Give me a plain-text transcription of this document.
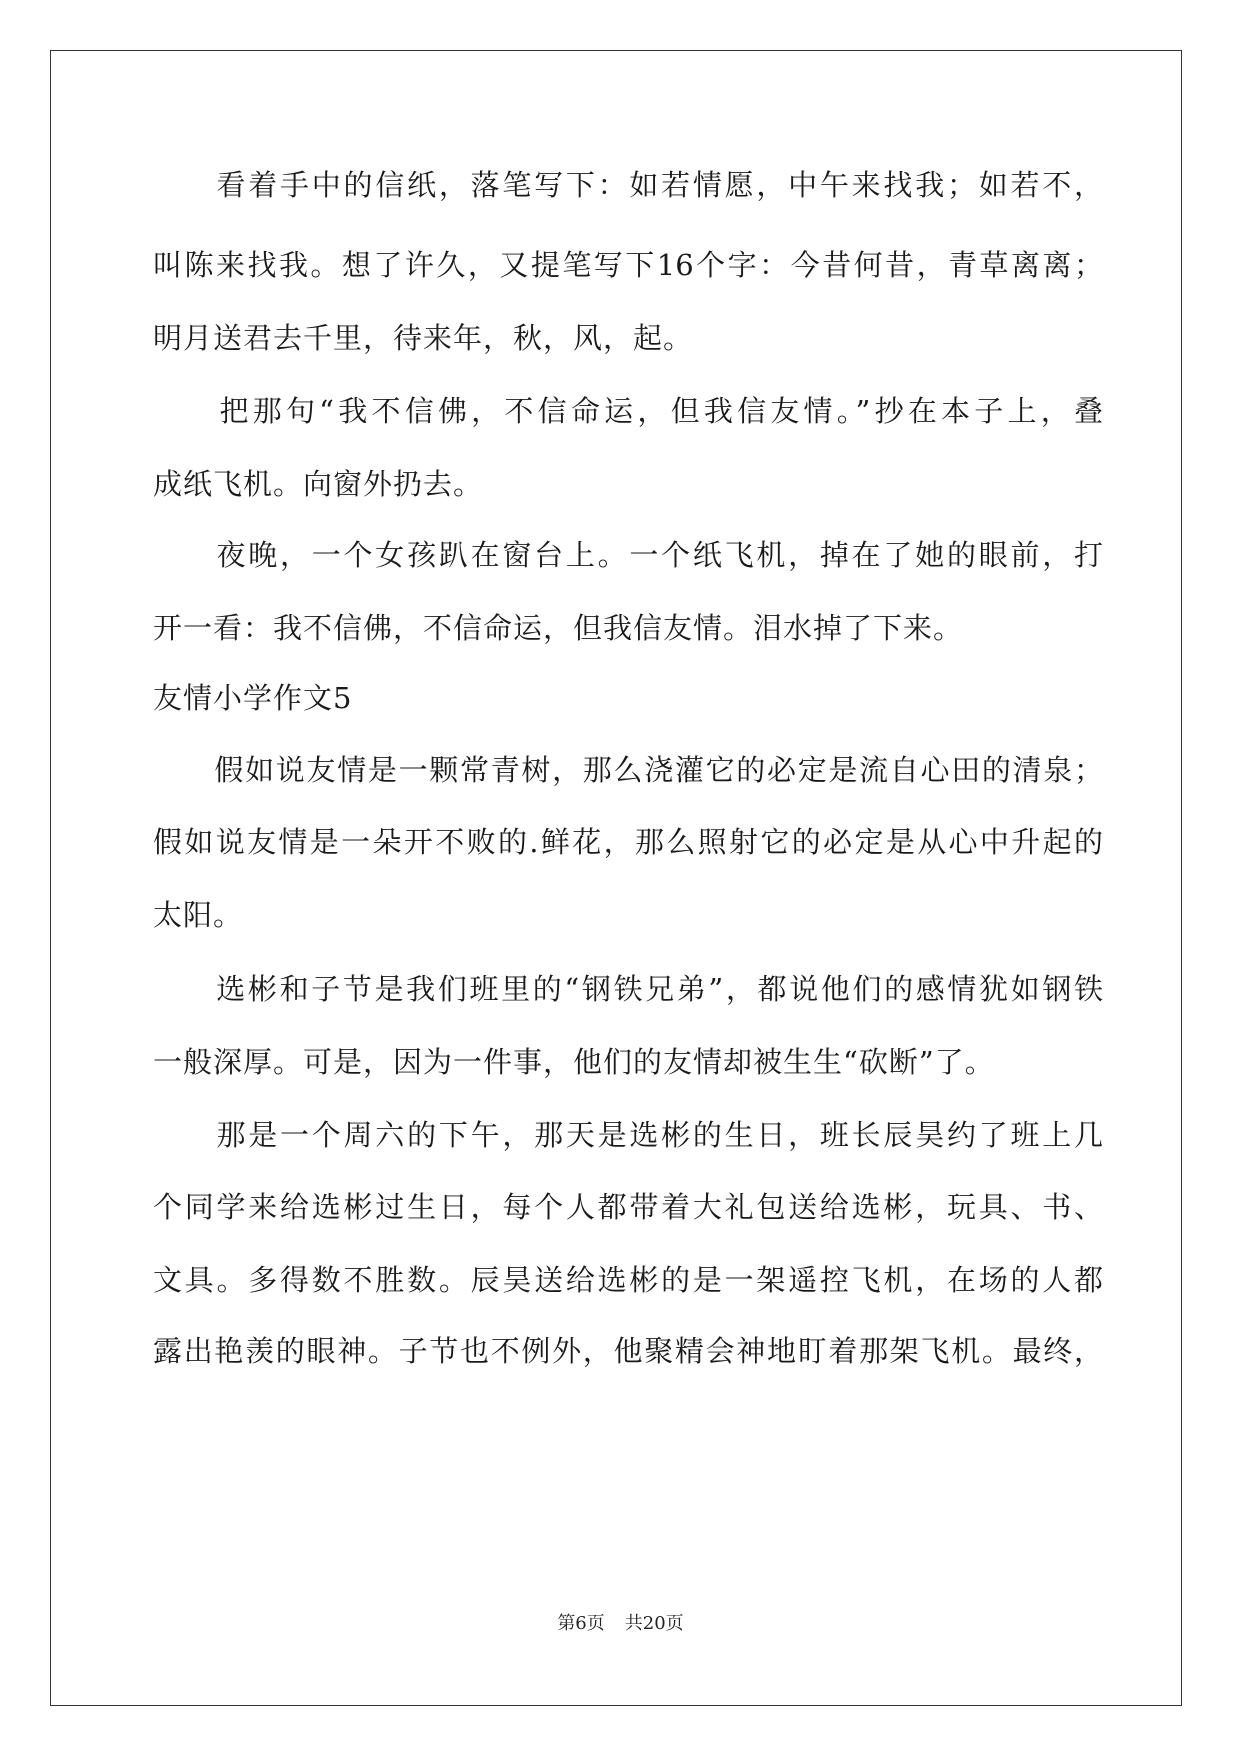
　　看着手中的信纸，落笔写下：如若情愿，中午来找我；如若不，
叫陈来找我。想了许久，又提笔写下16个字：今昔何昔，青草离离；
明月送君去千里，待来年，秋，风，起。
　　把那句“我不信佛，不信命运，但我信友情。”抄在本子上，叠
成纸飞机。向窗外扔去。
　　夜晚，一个女孩趴在窗台上。一个纸飞机，掉在了她的眼前，打
开一看：我不信佛，不信命运，但我信友情。泪水掉了下来。
友情小学作文5
　　假如说友情是一颗常青树，那么浇灌它的必定是流自心田的清泉；
假如说友情是一朵开不败的.鲜花，那么照射它的必定是从心中升起的
太阳。
　　选彬和子节是我们班里的“钢铁兄弟”，都说他们的感情犹如钢铁
一般深厚。可是，因为一件事，他们的友情却被生生“砍断”了。
　　那是一个周六的下午，那天是选彬的生日，班长辰昊约了班上几
个同学来给选彬过生日，每个人都带着大礼包送给选彬，玩具、书、
文具。多得数不胜数。辰昊送给选彬的是一架遥控飞机，在场的人都
露出艳羡的眼神。子节也不例外，他聚精会神地盯着那架飞机。最终，
第6页 共20页
